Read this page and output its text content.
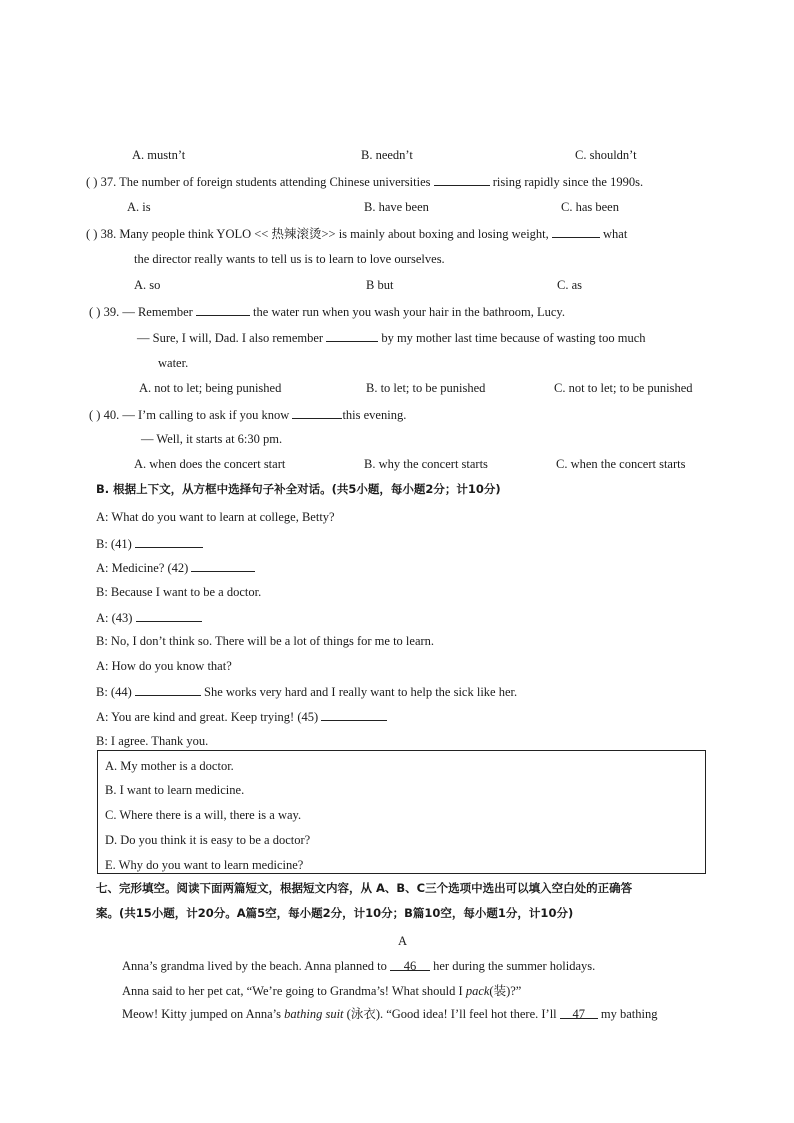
A. mustn’t	B. needn’t	C. shouldn’t
( ) 37. The number of foreign students attending Chinese universities	rising rapidly since the 1990s.
A. is	B. have been	C. has been
( ) 38. Many people think YOLO << 热辣滚烫>> is mainly about boxing and losing weight,	what
the director really wants to tell us is to learn to love ourselves.
A. so	B but	C. as
( ) 39. — Remember	the water run when you wash your hair in the bathroom, Lucy.
— Sure, I will, Dad. I also remember	by my mother last time because of wasting too much
water.
A. not to let; being punished	B. to let; to be punished	C. not to let; to be punished
( ) 40. — I’m calling to ask if you know	this evening.
— Well, it starts at 6:30 pm.
A. when does the concert start	B. why the concert starts	C. when the concert starts
B. 根据上下文，从方框中选择句子补全对话。(共5小题，每小题2分；计10分)
A: What do you want to learn at college, Betty?
B: (41)
A: Medicine? (42)
B: Because I want to be a doctor.
A: (43)
B: No, I don’t think so. There will be a lot of things for me to learn.
A: How do you know that?
B: (44)	She works very hard and I really want to help the sick like her.
A: You are kind and great. Keep trying! (45)
B: I agree. Thank you.
A. My mother is a doctor.
B. I want to learn medicine.
C. Where there is a will, there is a way.
D. Do you think it is easy to be a doctor?
E. Why do you want to learn medicine?
七、完形填空。阅读下面两篇短文，根据短文内容，从 A、B、C三个选项中选出可以填入空白处的正确答
案。(共15小题，计20分。A篇5空，每小题2分，计10分；B篇10空，每小题1分，计10分)
A
Anna’s grandma lived by the beach. Anna planned to 46 her during the summer holidays.
Anna said to her pet cat, “We’re going to Grandma’s! What should I pack(装)?”
Meow! Kitty jumped on Anna’s bathing suit (泳衣). “Good idea! I’ll feel hot there. I’ll 47 my bathing
